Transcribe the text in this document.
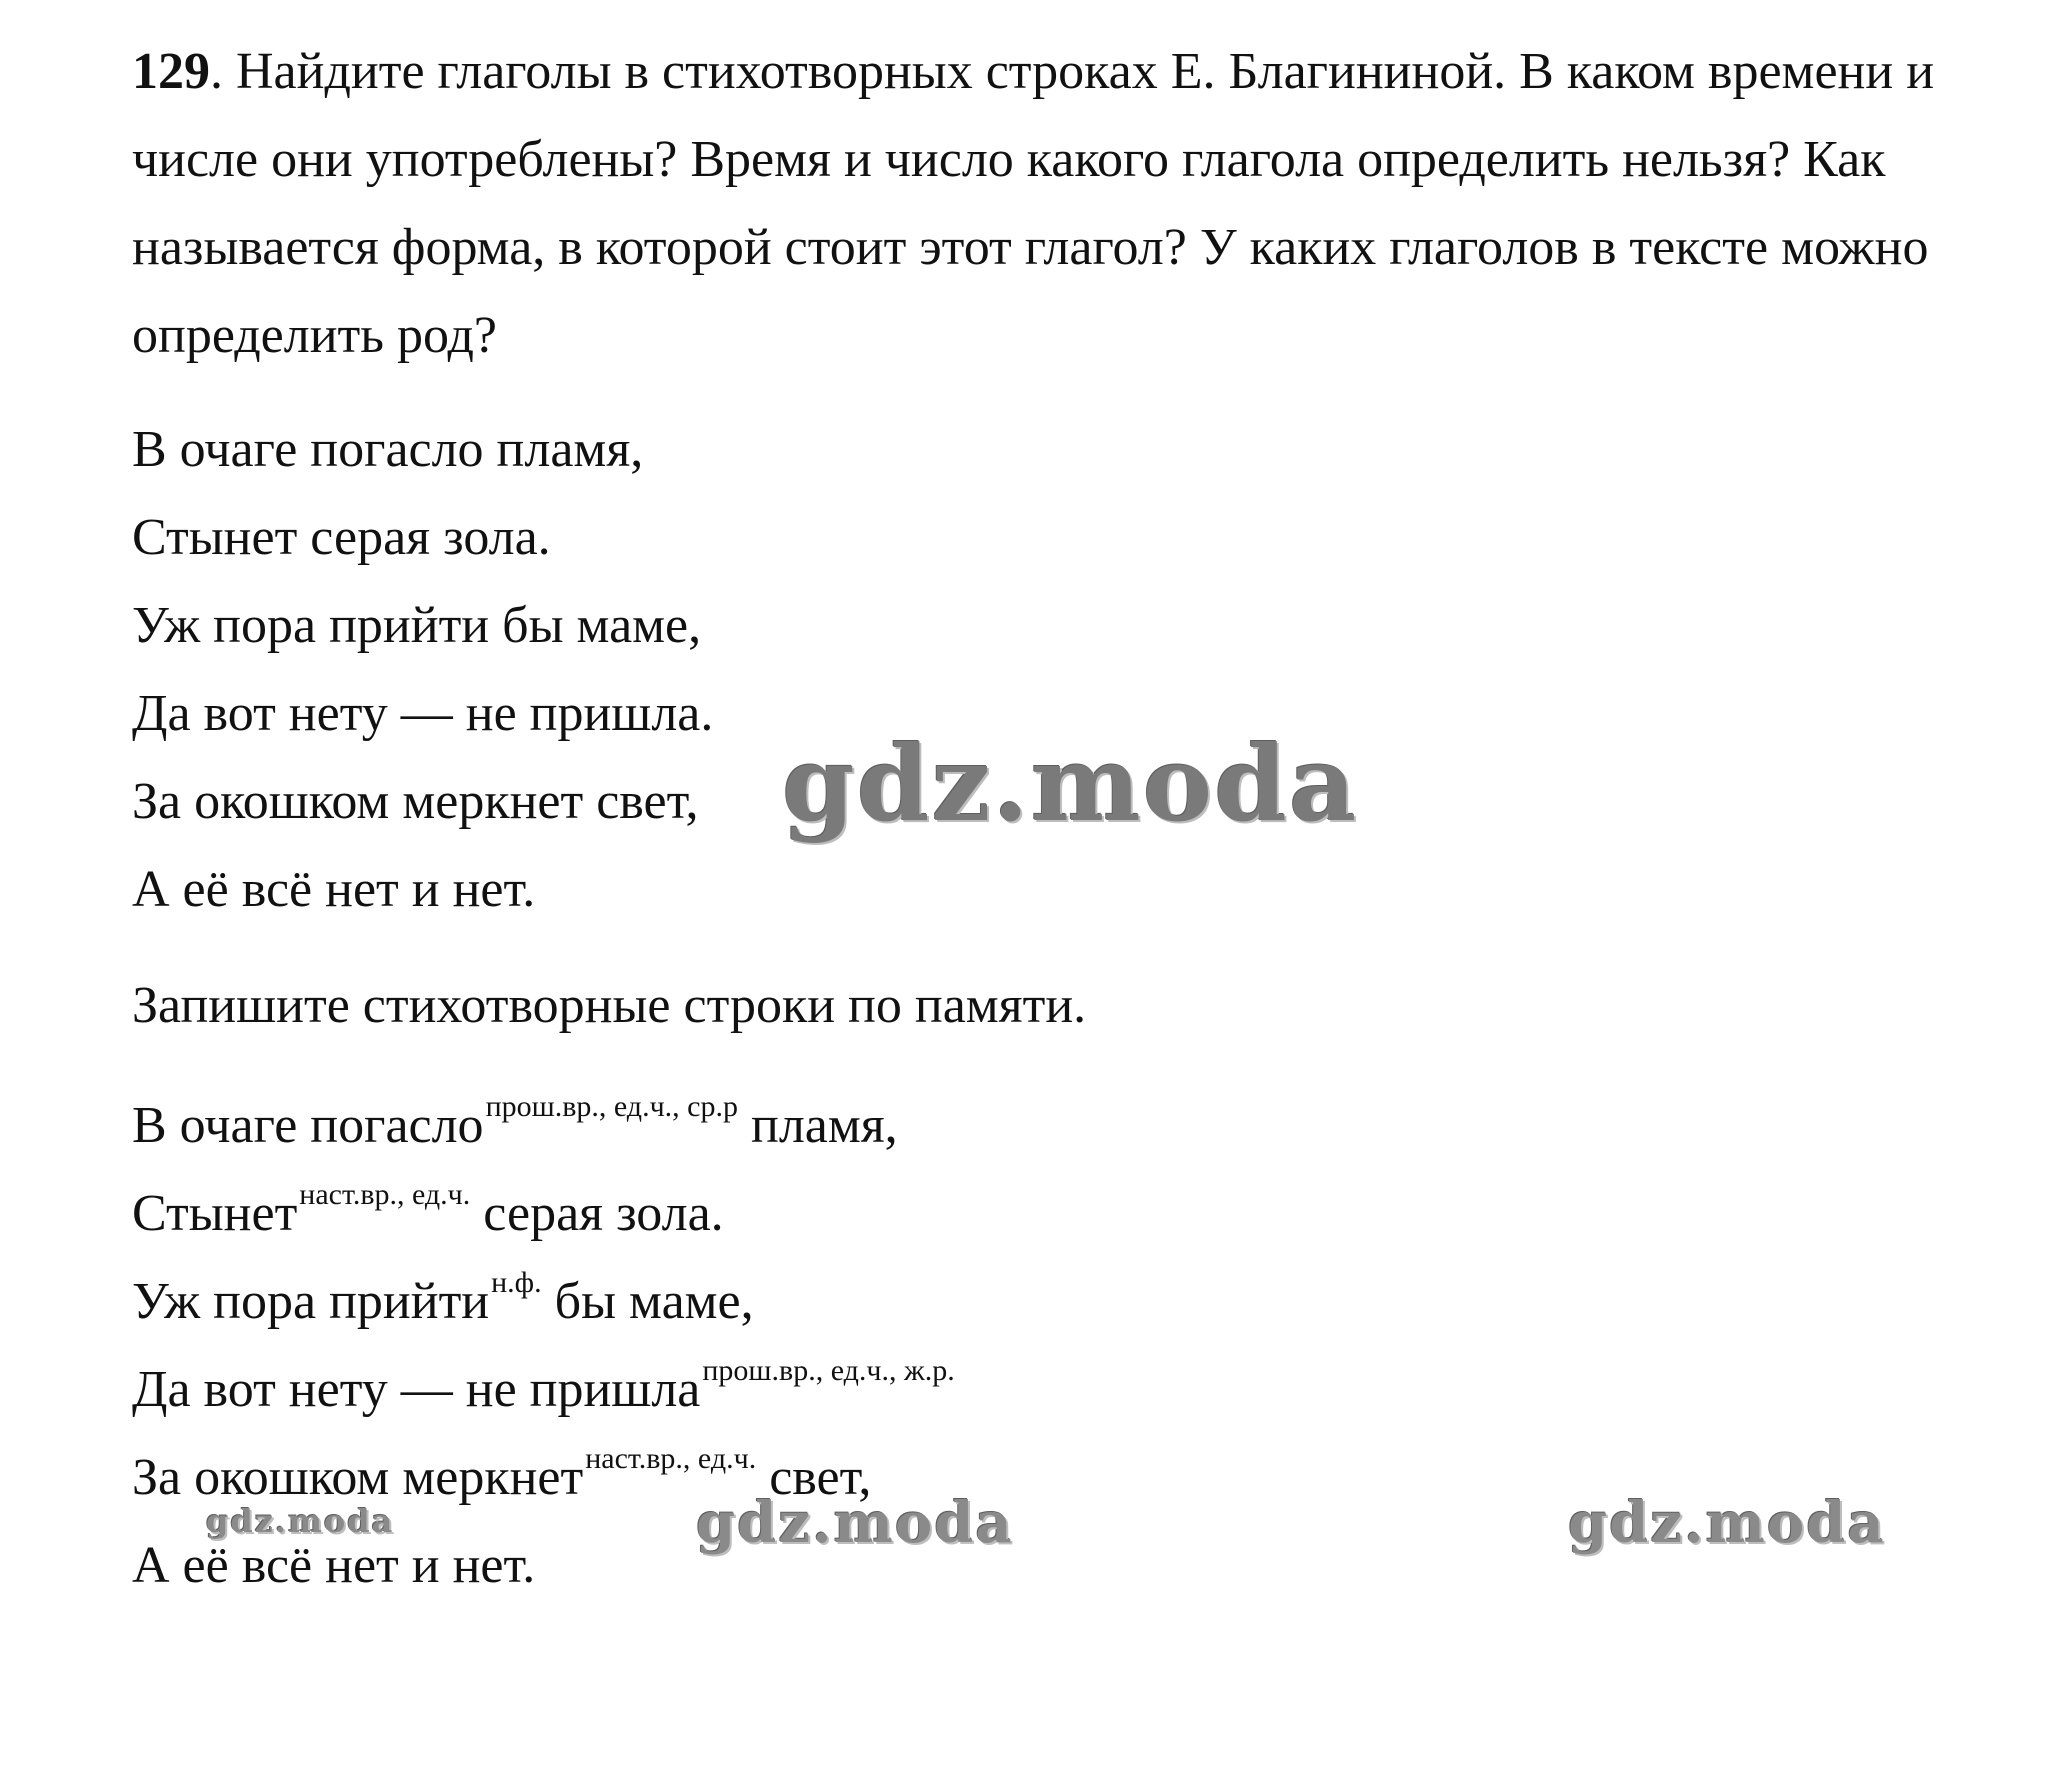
129. Найдите глаголы в стихотворных строках Е. Благининой. В каком времени и числе они употреблены? Время и число какого глагола определить нельзя? Как называется форма, в которой стоит этот глагол? У каких глаголов в тексте можно определить род?
В очаге погасло пламя,
Стынет серая зола.
Уж пора прийти бы маме,
Да вот нету — не пришла.
За окошком меркнет свет,
А её всё нет и нет.
Запишите стихотворные строки по памяти.
В очаге погасло$^{прош.вр., ед.ч., ср.р}$ пламя,
Стынет$^{наст.вр., ед.ч.}$ серая зола.
Уж пора прийти$^{н.ф.}$ бы маме,
Да вот нету — не пришла$^{прош.вр., ед.ч., ж.р.}$
За окошком меркнет$^{наст.вр., ед.ч.}$ свет,
А её всё нет и нет.
gdz.moda
gdz.moda	gdz.moda	gdz.moda
